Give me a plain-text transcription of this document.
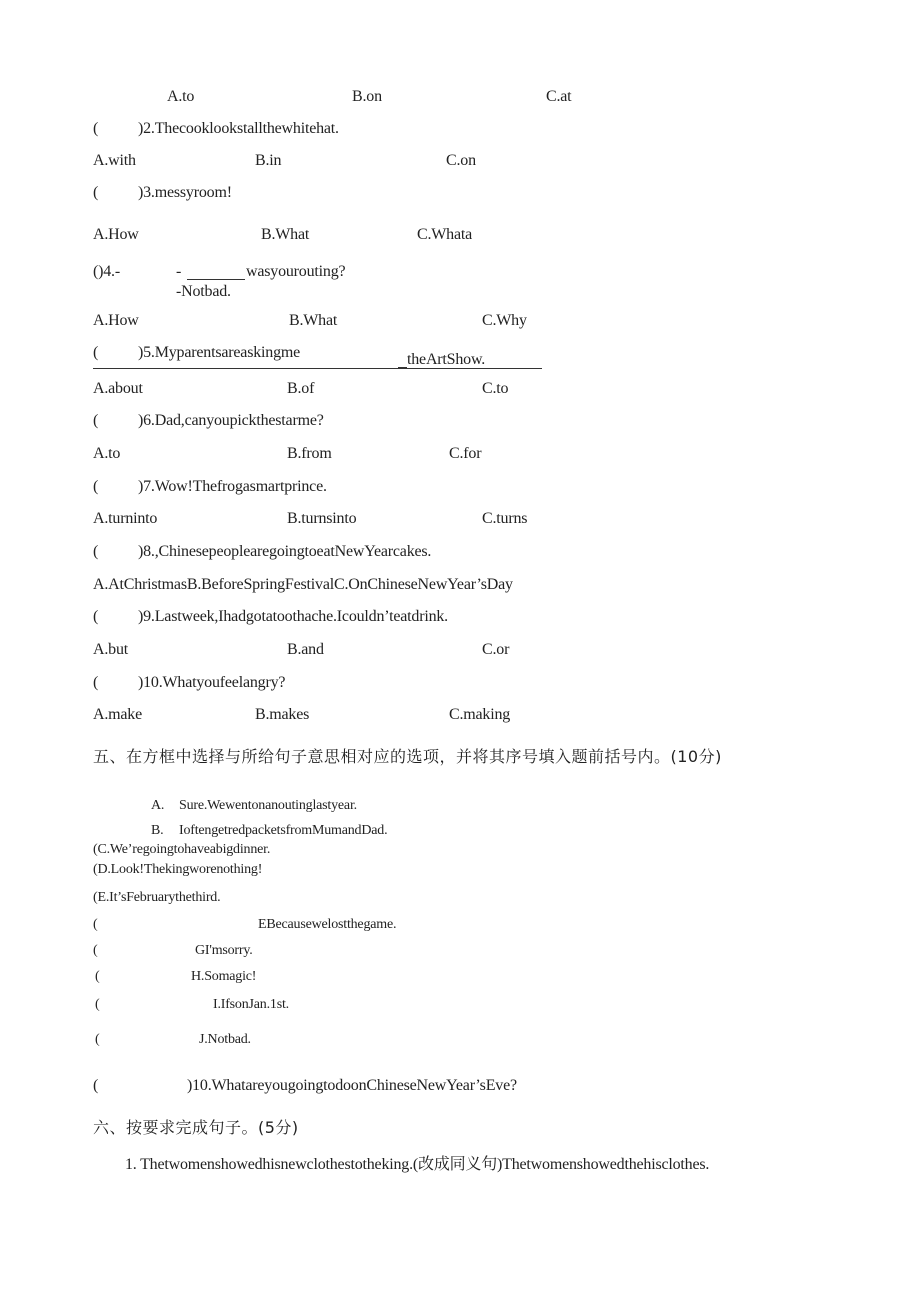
A.to	B.on	C.at
( )2.Thecooklookstallthewhitehat.
A.with	B.in	C.on
( )3.messyroom!
A.How	B.What	C.Whata
()4.-	-	wasyourouting?
-Notbad.
A.How	B.What	C.Why
( )5.Myparentsareaskingme	theArtShow.
A.about	B.of	C.to
( )6.Dad,canyoupickthestarme?
A.to	B.from	C.for
( )7.Wow!Thefrogasmartprince.
A.turninto	B.turnsinto	C.turns
( )8.,ChinesepeoplearegoingtoeatNewYearcakes.
A.AtChristmasB.BeforeSpringFestivalC.OnChineseNewYear’sDay
( )9.Lastweek,Ihadgotatoothache.Icouldn’teatdrink.
A.but	B.and	C.or
( )10.Whatyoufeelangry?
A.make	B.makes	C.making
五、在方框中选择与所给句子意思相对应的选项，并将其序号填入题前括号内。(10分)
A. Sure.Wewentonanoutinglastyear.
B. IoftengetredpacketsfromMumandDad.
(C.We’regoingtohaveabigdinner.
(D.Look!Thekingworenothing!
(E.It’sFebruarythethird.
(	EBecausewelostthegame.
(	GI'msorry.
(	H.Somagic!
(	I.IfsonJan.1st.
(	J.Notbad.
(	)10.WhatareyougoingtodoonChineseNewYear’sEve?
六、按要求完成句子。(5分)
1. Thetwomenshowedhisnewclothestotheking.(改成同义句)Thetwomenshowedthehisclothes.
